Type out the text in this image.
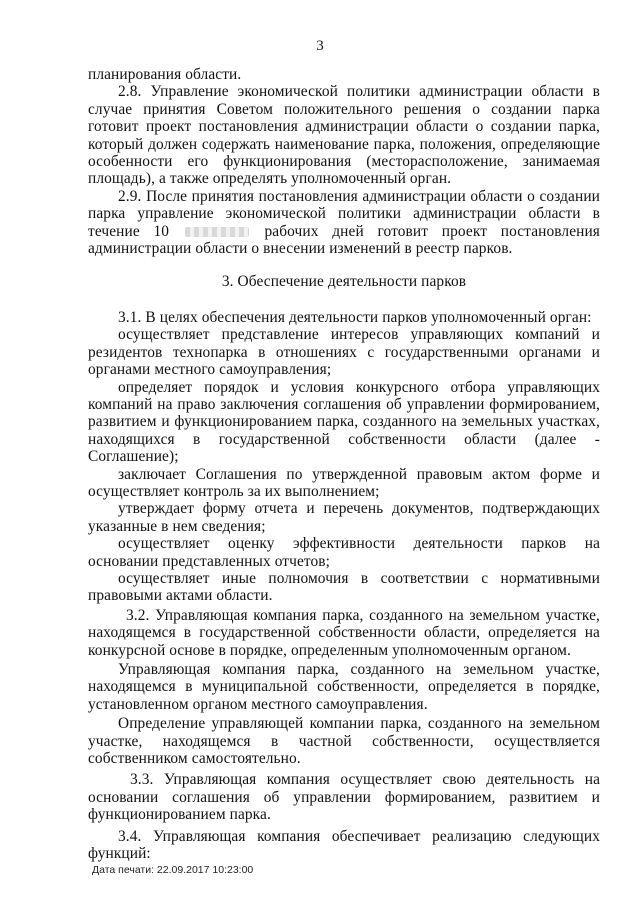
3

планирования области.

2.8. Управление экономической политики администрации области в случае принятия Советом положительного решения о создании парка готовит проект постановления администрации области о создании парка, который должен содержать наименование парка, положения, определяющие особенности его функционирования (месторасположение, занимаемая площадь), а также определять уполномоченный орган.

2.9. После принятия постановления администрации области о создании парка управление экономической политики администрации области в течение 10	рабочих дней готовит проект постановления администрации области о внесении изменений в реестр парков.

3. Обеспечение деятельности парков

3.1. В целях обеспечения деятельности парков уполномоченный орган:

осуществляет представление интересов управляющих компаний и резидентов технопарка в отношениях с государственными органами и органами местного самоуправления;

определяет порядок и условия конкурсного отбора управляющих компаний на право заключения соглашения об управлении формированием, развитием и функционированием парка, созданного на земельных участках, находящихся в государственной собственности области (далее - Соглашение);

заключает Соглашения по утвержденной правовым актом форме и осуществляет контроль за их выполнением;

утверждает форму отчета и перечень документов, подтверждающих указанные в нем сведения;

осуществляет оценку эффективности деятельности парков на основании представленных отчетов;

осуществляет иные полномочия в соответствии с нормативными правовыми актами области.

3.2. Управляющая компания парка, созданного на земельном участке, находящемся в государственной собственности области, определяется на конкурсной основе в порядке, определенным уполномоченным органом.

Управляющая компания парка, созданного на земельном участке, находящемся в муниципальной собственности, определяется в порядке, установленном органом местного самоуправления.

Определение управляющей компании парка, созданного на земельном участке, находящемся в частной собственности, осуществляется собственником самостоятельно.

3.3. Управляющая компания осуществляет свою деятельность на основании соглашения об управлении формированием, развитием и функционированием парка.

3.4. Управляющая компания обеспечивает реализацию следующих функций:

Дата печати: 22.09.2017 10:23:00
